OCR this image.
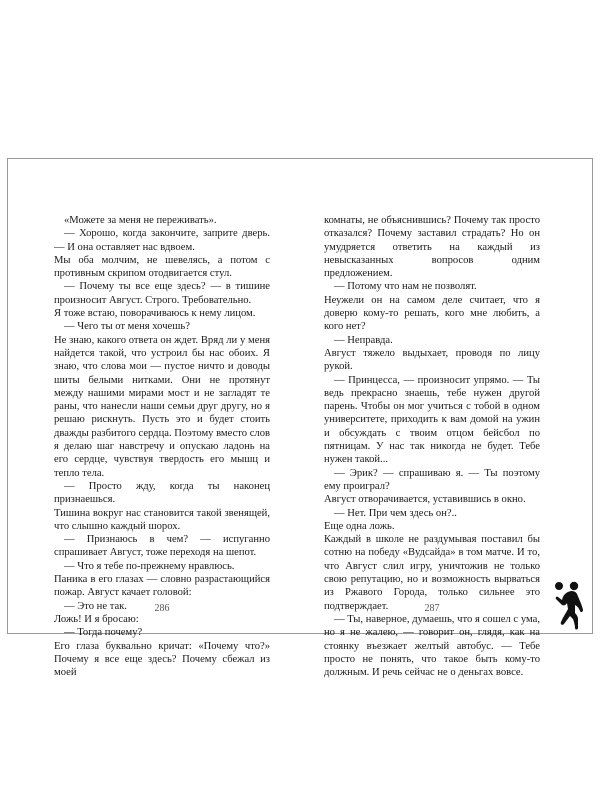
«Можете за меня не переживать».

— Хорошо, когда закончите, заприте дверь. — И она оставляет нас вдвоем.

Мы оба молчим, не шевелясь, а потом с противным скрипом отодвигается стул.

— Почему ты все еще здесь? — в тишине произносит Август. Строго. Требовательно.

Я тоже встаю, поворачиваюсь к нему лицом.

— Чего ты от меня хочешь?

Не знаю, какого ответа он ждет. Вряд ли у меня найдется такой, что устроил бы нас обоих. Я знаю, что слова мои — пустое ничто и доводы шиты белыми нитками. Они не протянут между нашими мирами мост и не загладят те раны, что нанесли наши семьи друг другу, но я решаю рискнуть. Пусть это и будет стоить дважды разбитого сердца. Поэтому вместо слов я делаю шаг навстречу и опускаю ладонь на его сердце, чувствуя твердость его мышц и тепло тела.

— Просто жду, когда ты наконец признаешься.

Тишина вокруг нас становится такой звенящей, что слышно каждый шорох.

— Признаюсь в чем? — испуганно спрашивает Август, тоже переходя на шепот.

— Что я тебе по-прежнему нравлюсь.

Паника в его глазах — словно разрастающийся пожар. Август качает головой:

— Это не так.

Ложь! И я бросаю:

— Тогда почему?

Его глаза буквально кричат: «Почему что?» Почему я все еще здесь? Почему сбежал из моей

комнаты, не объяснившись? Почему так просто отказался? Почему заставил страдать? Но он умудряется ответить на каждый из невысказанных вопросов одним предложением.

— Потому что нам не позволят.

Неужели он на самом деле считает, что я доверю кому-то решать, кого мне любить, а кого нет?

— Неправда.

Август тяжело выдыхает, проводя по лицу рукой.

— Принцесса, — произносит упрямо. — Ты ведь прекрасно знаешь, тебе нужен другой парень. Чтобы он мог учиться с тобой в одном университете, приходить к вам домой на ужин и обсуждать с твоим отцом бейсбол по пятницам. У нас так никогда не будет. Тебе нужен такой...

— Эрик? — спрашиваю я. — Ты поэтому ему проиграл?

Август отворачивается, уставившись в окно.

— Нет. При чем здесь он?..

Еще одна ложь.

Каждый в школе не раздумывая поставил бы сотню на победу «Вудсайда» в том матче. И то, что Август слил игру, уничтожив не только свою репутацию, но и возможность вырваться из Ржавого Города, только сильнее это подтверждает.

— Ты, наверное, думаешь, что я сошел с ума, но я не жалею, — говорит он, глядя, как на стоянку въезжает желтый автобус. — Тебе просто не понять, что такое быть кому-то должным. И речь сейчас не о деньгах вовсе.

286	287
